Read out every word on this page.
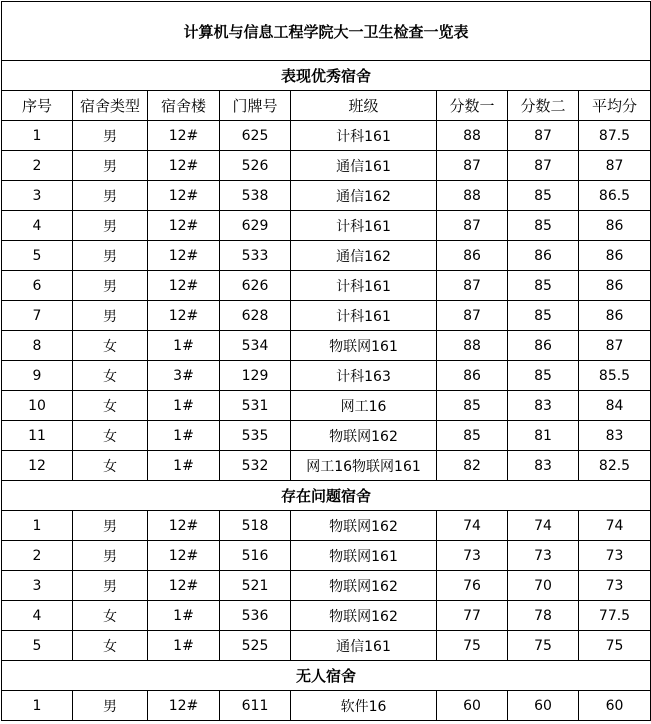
计算机与信息工程学院大一卫生检查一览表							
表现优秀宿舍							
序号	宿舍类型	宿舍楼	门牌号	班级	分数一	分数二	平均分
1	男	12#	625	计科161	88	87	87.5
2	男	12#	526	通信161	87	87	87
3	男	12#	538	通信162	88	85	86.5
4	男	12#	629	计科161	87	85	86
5	男	12#	533	通信162	86	86	86
6	男	12#	626	计科161	87	85	86
7	男	12#	628	计科161	87	85	86
8	女	1#	534	物联网161	88	86	87
9	女	3#	129	计科163	86	85	85.5
10	女	1#	531	网工16	85	83	84
11	女	1#	535	物联网162	85	81	83
12	女	1#	532	网工16物联网161	82	83	82.5
存在问题宿舍							
1	男	12#	518	物联网162	74	74	74
2	男	12#	516	物联网161	73	73	73
3	男	12#	521	物联网162	76	70	73
4	女	1#	536	物联网162	77	78	77.5
5	女	1#	525	通信161	75	75	75
无人宿舍							
1	男	12#	611	软件16	60	60	60
